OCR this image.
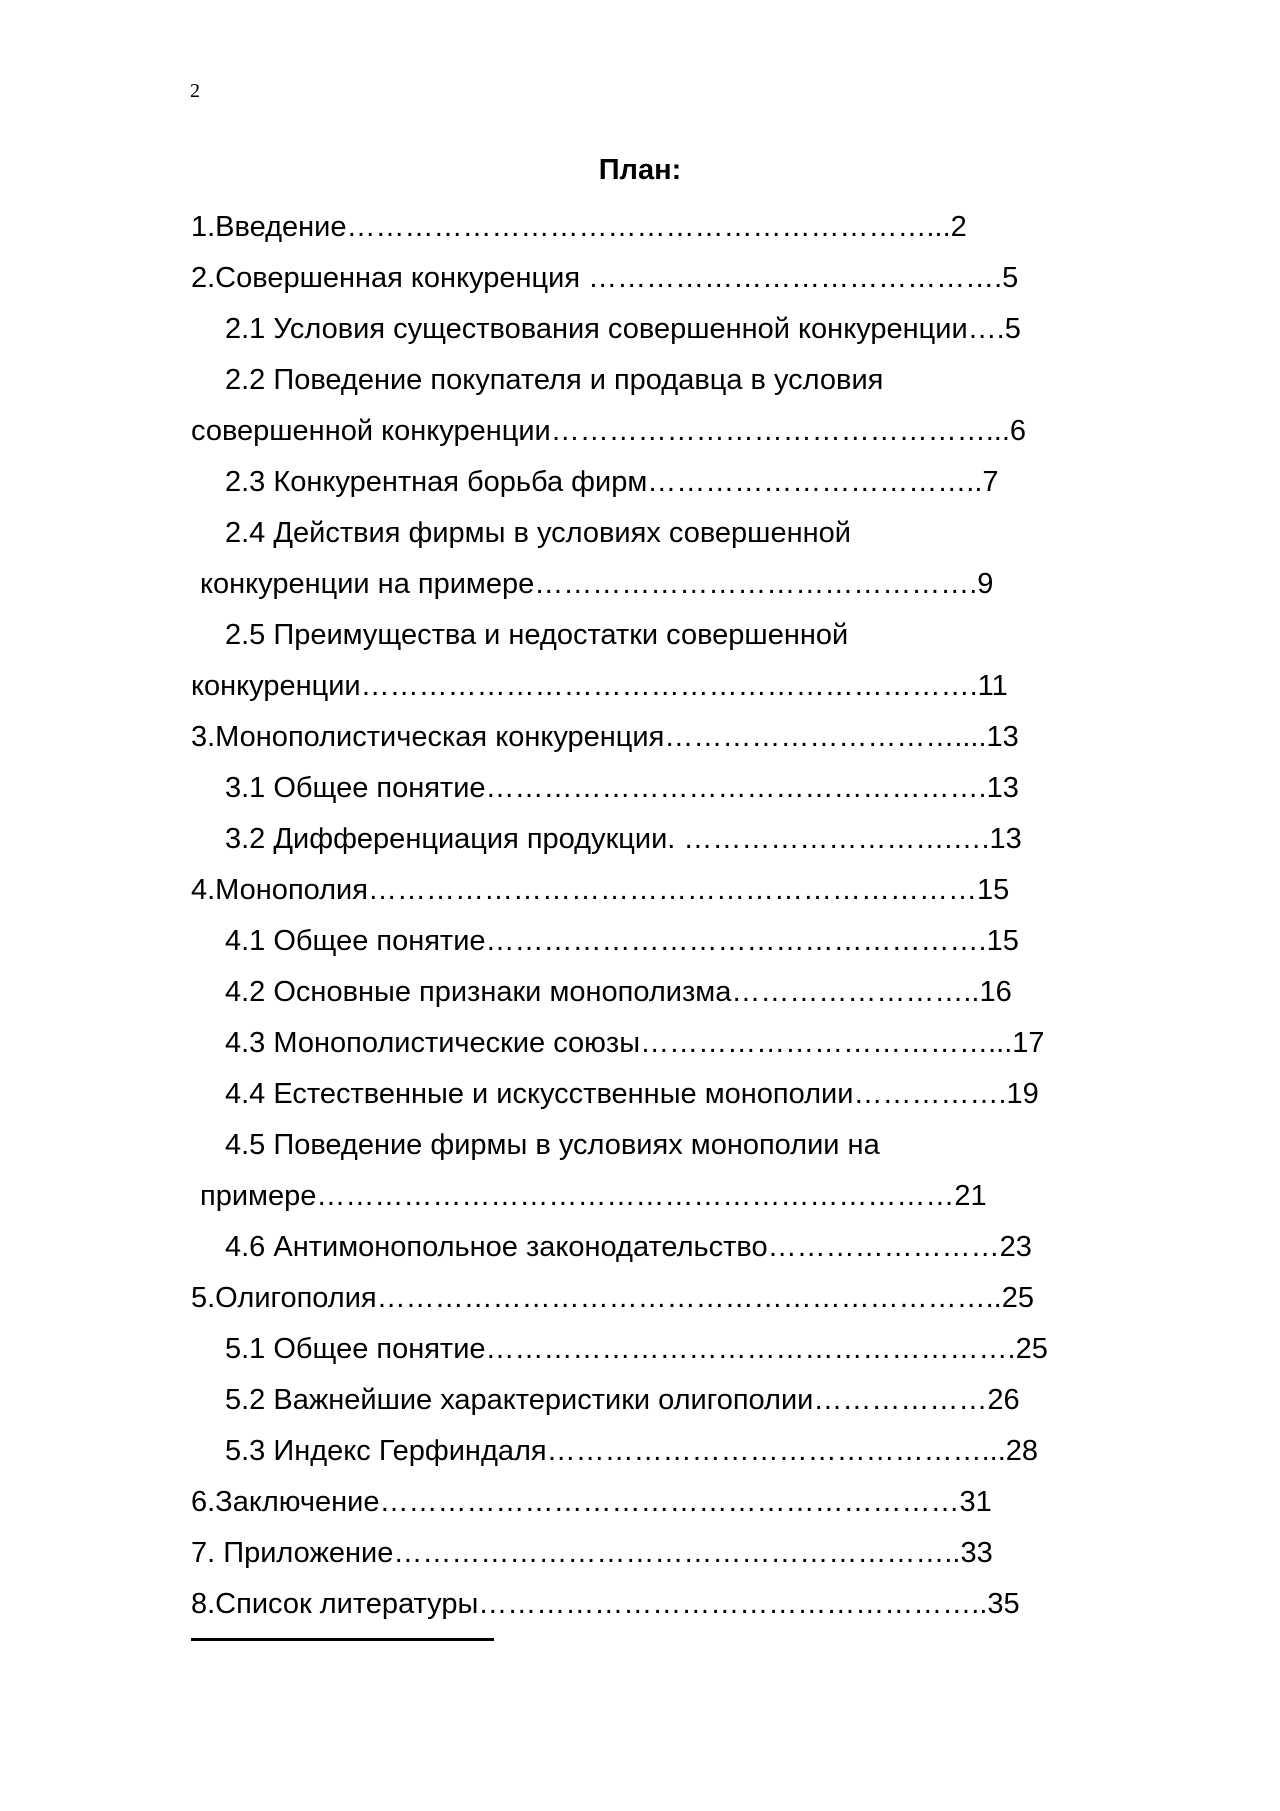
2
План:
1.Введение……………………………………………………...2
2.Совершенная конкуренция …………………………………….5
2.1 Условия существования совершенной конкуренции….5
2.2 Поведение покупателя и продавца в условия
совершенной конкуренции………………………………………...6
2.3 Конкурентная борьба фирм……………………………..7
2.4 Действия фирмы в условиях совершенной
конкуренции на примере……………………………………….9
2.5 Преимущества и недостатки совершенной
конкуренции……………………………………………………….11
3.Монополистическая конкуренция…………………………....13
3.1 Общее понятие…………………………………………….13
3.2 Дифференциация продукции. ……………………….….13
4.Монополия………………………………………………………15
4.1 Общее понятие…………………………………………….15
4.2 Основные признаки монополизма……………………..16
4.3 Монополистические союзы………………………………...17
4.4 Естественные и искусственные монополии…………….19
4.5 Поведение фирмы в условиях монополии на
примере…………………………………………………………21
4.6 Антимонопольное законодательство……………………23
5.Олигополия………………………………………………………..25
5.1 Общее понятие……………………………………………….25
5.2 Важнейшие характеристики олигополии………………26
5.3 Индекс Герфиндаля………………………………………...28
6.Заключение……………………………………………………31
7. Приложение…………………………………………………..33
8.Список литературы……………………………………………..35
